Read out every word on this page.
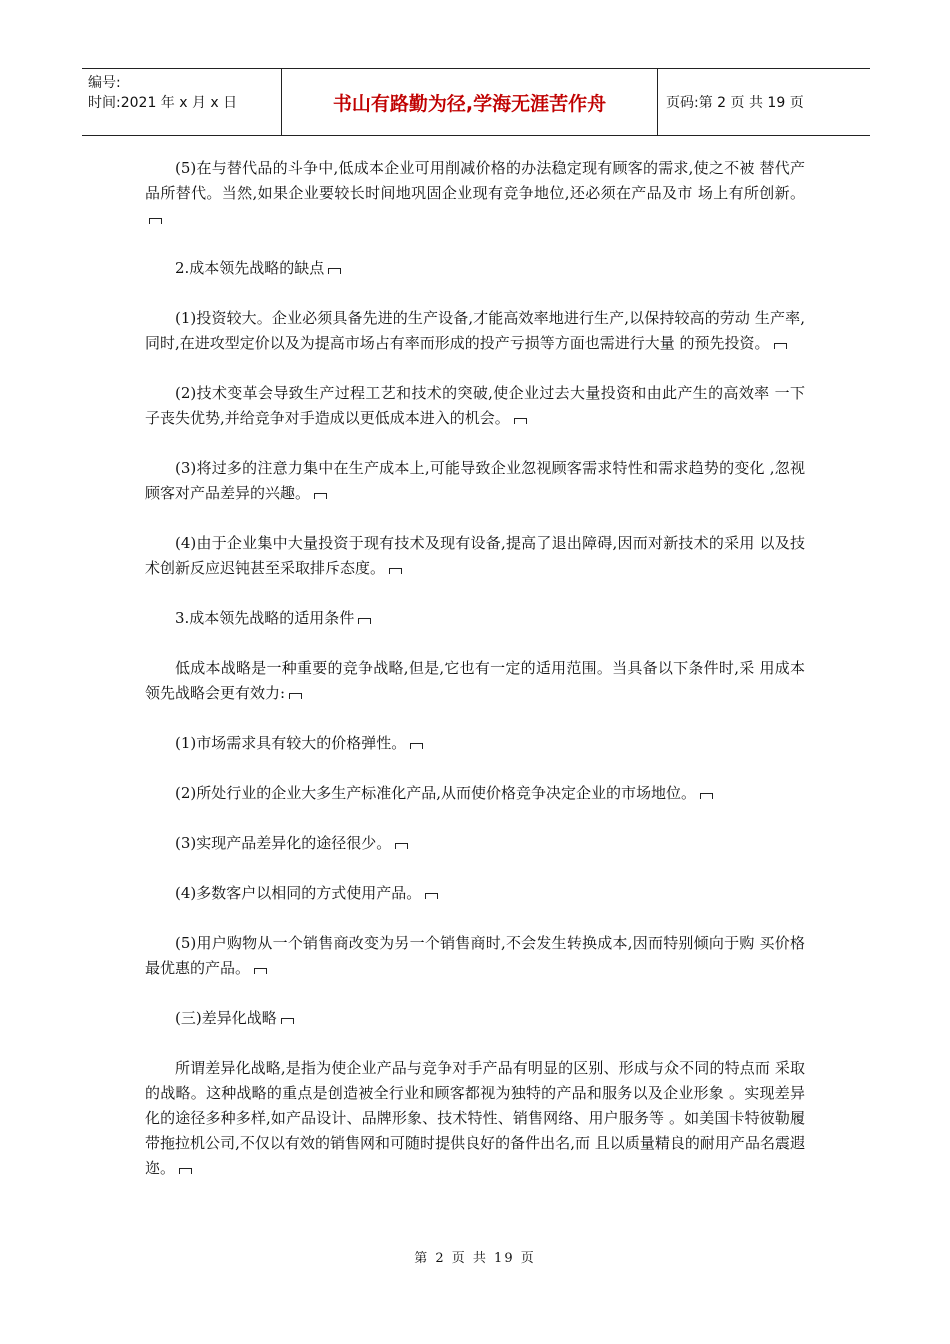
编号:
时间:2021 年 x 月 x 日	书山有路勤为径,学海无涯苦作舟	页码:第 2 页 共 19 页

(5)在与替代品的斗争中,低成本企业可用削减价格的办法稳定现有顾客的需求,使之不被 替代产品所替代。当然,如果企业要较长时间地巩固企业现有竞争地位,还必须在产品及市 场上有所创新。

2.成本领先战略的缺点

(1)投资较大。企业必须具备先进的生产设备,才能高效率地进行生产,以保持较高的劳动 生产率,同时,在进攻型定价以及为提高市场占有率而形成的投产亏损等方面也需进行大量 的预先投资。

(2)技术变革会导致生产过程工艺和技术的突破,使企业过去大量投资和由此产生的高效率 一下子丧失优势,并给竞争对手造成以更低成本进入的机会。

(3)将过多的注意力集中在生产成本上,可能导致企业忽视顾客需求特性和需求趋势的变化 ,忽视顾客对产品差异的兴趣。

(4)由于企业集中大量投资于现有技术及现有设备,提高了退出障碍,因而对新技术的采用 以及技术创新反应迟钝甚至采取排斥态度。

3.成本领先战略的适用条件

低成本战略是一种重要的竞争战略,但是,它也有一定的适用范围。当具备以下条件时,采 用成本领先战略会更有效力:

(1)市场需求具有较大的价格弹性。

(2)所处行业的企业大多生产标准化产品,从而使价格竞争决定企业的市场地位。

(3)实现产品差异化的途径很少。

(4)多数客户以相同的方式使用产品。

(5)用户购物从一个销售商改变为另一个销售商时,不会发生转换成本,因而特别倾向于购 买价格最优惠的产品。

(三)差异化战略

所谓差异化战略,是指为使企业产品与竞争对手产品有明显的区别、形成与众不同的特点而 采取的战略。这种战略的重点是创造被全行业和顾客都视为独特的产品和服务以及企业形象 。实现差异化的途径多种多样,如产品设计、品牌形象、技术特性、销售网络、用户服务等 。如美国卡特彼勒履带拖拉机公司,不仅以有效的销售网和可随时提供良好的备件出名,而 且以质量精良的耐用产品名震遐迩。

第 2 页 共 19 页
